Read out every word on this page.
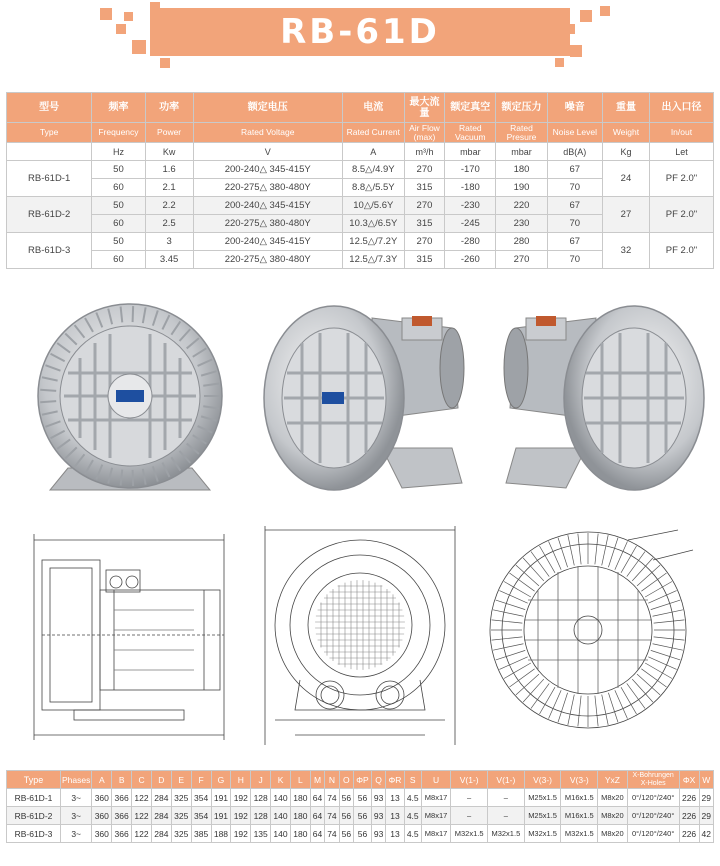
RB-61D
型号	频率	功率	额定电压	电流	最大流量	额定真空	额定压力	噪音	重量	出入口径
Type	Frequency	Power	Rated Voltage	Rated Current	Air Flow (max)	Rated Vacuum	Rated Presure	Noise Level	Weight	In/out
	Hz	Kw	V	A	m³/h	mbar	mbar	dB(A)	Kg	Let
RB-61D-1	50	1.6	200-240△ 345-415Y	8.5△/4.9Y	270	-170	180	67	24	PF 2.0"
	60	2.1	220-275△ 380-480Y	8.8△/5.5Y	315	-180	190	70		
RB-61D-2	50	2.2	200-240△ 345-415Y	10△/5.6Y	270	-230	220	67	27	PF 2.0"
	60	2.5	220-275△ 380-480Y	10.3△/6.5Y	315	-245	230	70		
RB-61D-3	50	3	200-240△ 345-415Y	12.5△/7.2Y	270	-280	280	67	32	PF 2.0"
	60	3.45	220-275△ 380-480Y	12.5△/7.3Y	315	-260	270	70		
Type	Phases	A	B	C	D	E	F	G	H	J	K	L	M	N	O	ΦP	Q	ΦR	S	U	V(1-)	V(1-)	V(3-)	V(3-)	YxZ	X-Bohrungen X-Holes	ΦX	W
RB-61D-1	3~	360	366	122	284	325	354	191	192	128	140	180	64	74	56	56	93	13	4.5	M8x17	–	–	M25x1.5	M16x1.5	M8x20	0°/120°/240°	226	29
RB-61D-2	3~	360	366	122	284	325	354	191	192	128	140	180	64	74	56	56	93	13	4.5	M8x17	–	–	M25x1.5	M16x1.5	M8x20	0°/120°/240°	226	29
RB-61D-3	3~	360	366	122	284	325	385	188	192	135	140	180	64	74	56	56	93	13	4.5	M8x17	M32x1.5	M32x1.5	M32x1.5	M32x1.5	M8x20	0°/120°/240°	226	42
